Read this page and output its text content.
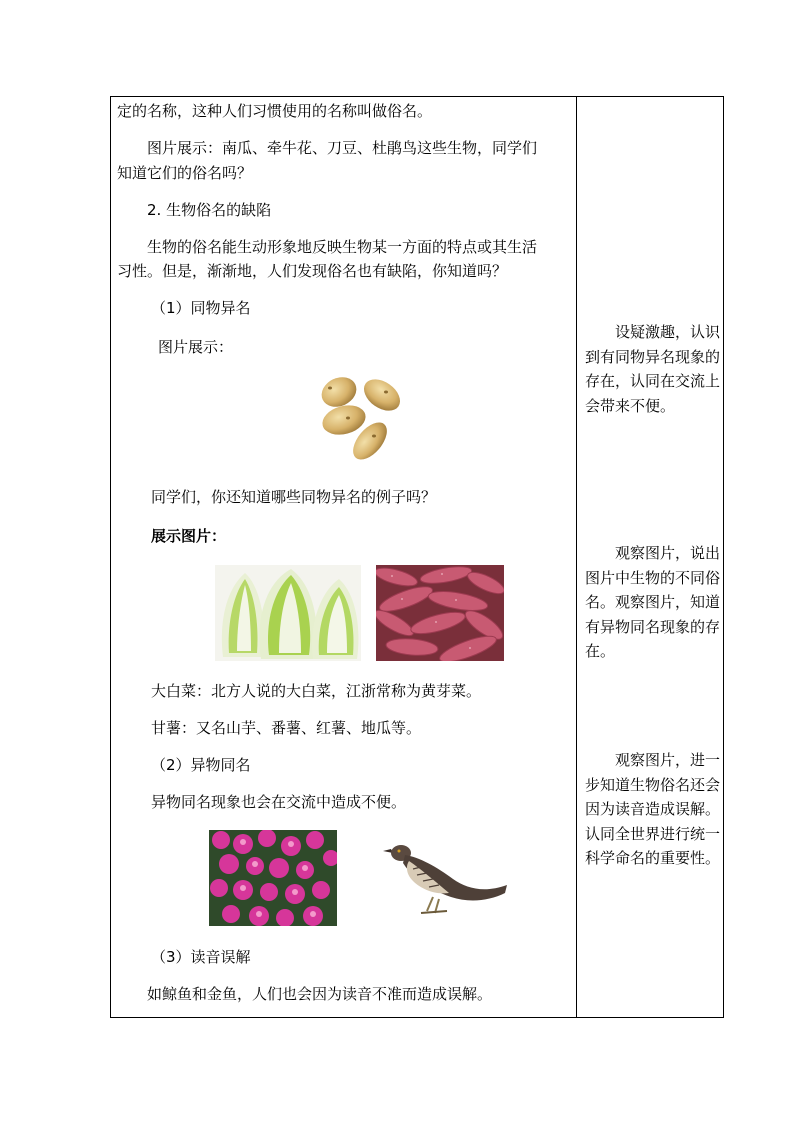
定的名称，这种人们习惯使用的名称叫做俗名。
图片展示：南瓜、牵牛花、刀豆、杜鹃鸟这些生物，同学们
知道它们的俗名吗？
2. 生物俗名的缺陷
生物的俗名能生动形象地反映生物某一方面的特点或其生活
习性。但是，渐渐地，人们发现俗名也有缺陷，你知道吗？
（1）同物异名
图片展示：
同学们，你还知道哪些同物异名的例子吗？
展示图片：
大白菜：北方人说的大白菜，江浙常称为黄芽菜。
甘薯：又名山芋、番薯、红薯、地瓜等。
（2）异物同名
异物同名现象也会在交流中造成不便。
（3）读音误解
如鲸鱼和金鱼，人们也会因为读音不准而造成误解。
设疑激趣，认识到有同物异名现象的存在，认同在交流上会带来不便。
观察图片，说出图片中生物的不同俗名。观察图片，知道有异物同名现象的存在。
观察图片，进一步知道生物俗名还会因为读音造成误解。认同全世界进行统一科学命名的重要性。
